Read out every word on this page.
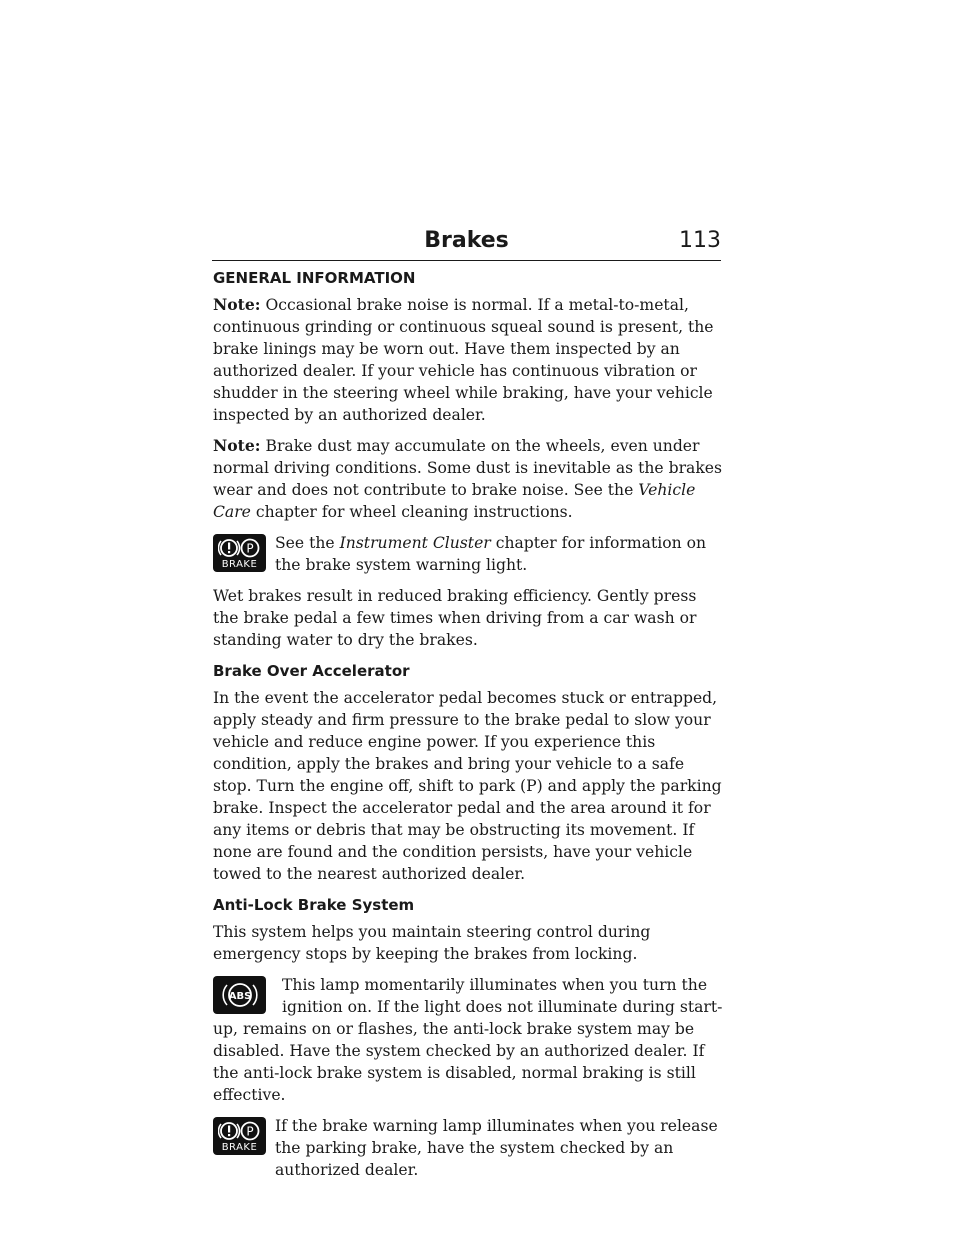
Brakes	113
GENERAL INFORMATION

Note: Occasional brake noise is normal. If a metal-to-metal, continuous grinding or continuous squeal sound is present, the brake linings may be worn out. Have them inspected by an authorized dealer. If your vehicle has continuous vibration or shudder in the steering wheel while braking, have your vehicle inspected by an authorized dealer.

Note: Brake dust may accumulate on the wheels, even under normal driving conditions. Some dust is inevitable as the brakes wear and does not contribute to brake noise. See the Vehicle Care chapter for wheel cleaning instructions.

P
BRAKE
See the Instrument Cluster chapter for information on the brake system warning light.

Wet brakes result in reduced braking efficiency. Gently press the brake pedal a few times when driving from a car wash or standing water to dry the brakes.

Brake Over Accelerator

In the event the accelerator pedal becomes stuck or entrapped, apply steady and firm pressure to the brake pedal to slow your vehicle and reduce engine power. If you experience this condition, apply the brakes and bring your vehicle to a safe stop. Turn the engine off, shift to park (P) and apply the parking brake. Inspect the accelerator pedal and the area around it for any items or debris that may be obstructing its movement. If none are found and the condition persists, have your vehicle towed to the nearest authorized dealer.

Anti-Lock Brake System

This system helps you maintain steering control during emergency stops by keeping the brakes from locking.

ABS
This lamp momentarily illuminates when you turn the ignition on. If the light does not illuminate during start-up, remains on or flashes, the anti-lock brake system may be disabled. Have the system checked by an authorized dealer. If the anti-lock brake system is disabled, normal braking is still effective.
P
BRAKE
If the brake warning lamp illuminates when you release the parking brake, have the system checked by an authorized dealer.
